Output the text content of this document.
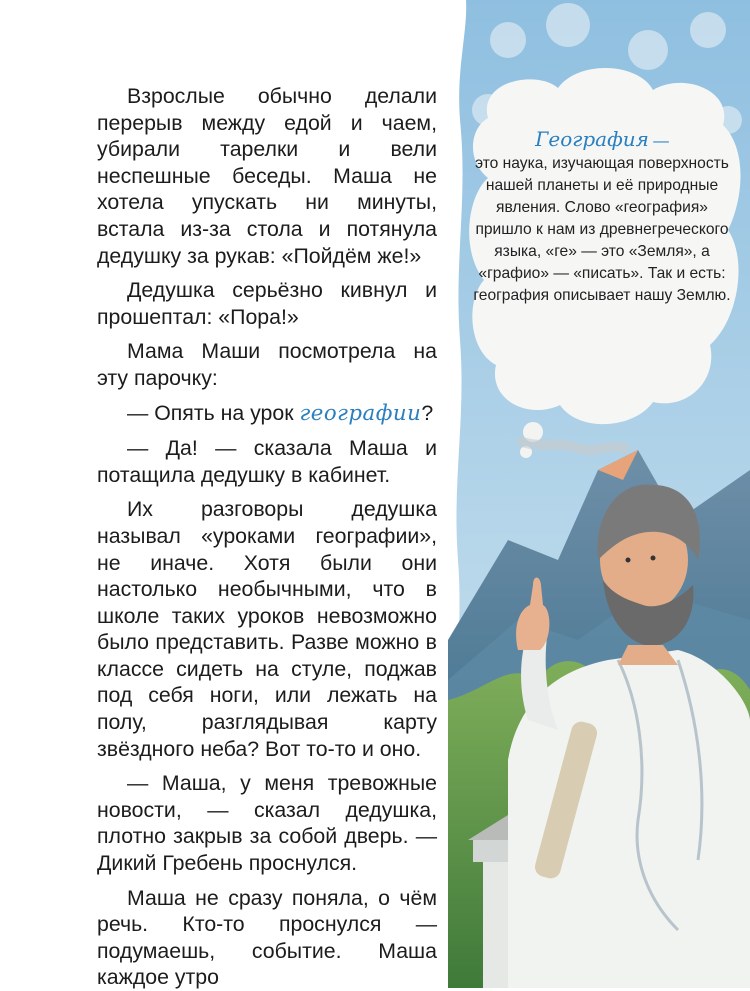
Взрослые обычно делали перерыв между едой и чаем, убирали тарелки и вели неспешные беседы. Маша не хотела упускать ни минуты, встала из-за стола и потянула дедушку за рукав: «Пойдём же!»

Дедушка серьёзно кивнул и прошептал: «Пора!»

Мама Маши посмотрела на эту парочку:

— Опять на урок географии?

— Да! — сказала Маша и потащила дедушку в кабинет.

Их разговоры дедушка называл «уроками географии», не иначе. Хотя были они настолько необычными, что в школе таких уроков невозможно было представить. Разве можно в классе сидеть на стуле, поджав под себя ноги, или лежать на полу, разглядывая карту звёздного неба? Вот то-то и оно.

— Маша, у меня тревожные новости, — сказал дедушка, плотно закрыв за собой дверь. — Дикий Гребень проснулся.

Маша не сразу поняла, о чём речь. Кто-то проснулся — подумаешь, событие. Маша каждое утро

География —
это наука, изучающая поверхность нашей планеты и её природные явления. Слово «география» пришло к нам из древнегреческого языка, «ге» — это «Земля», а «графио» — «писать». Так и есть: география описывает нашу Землю.
